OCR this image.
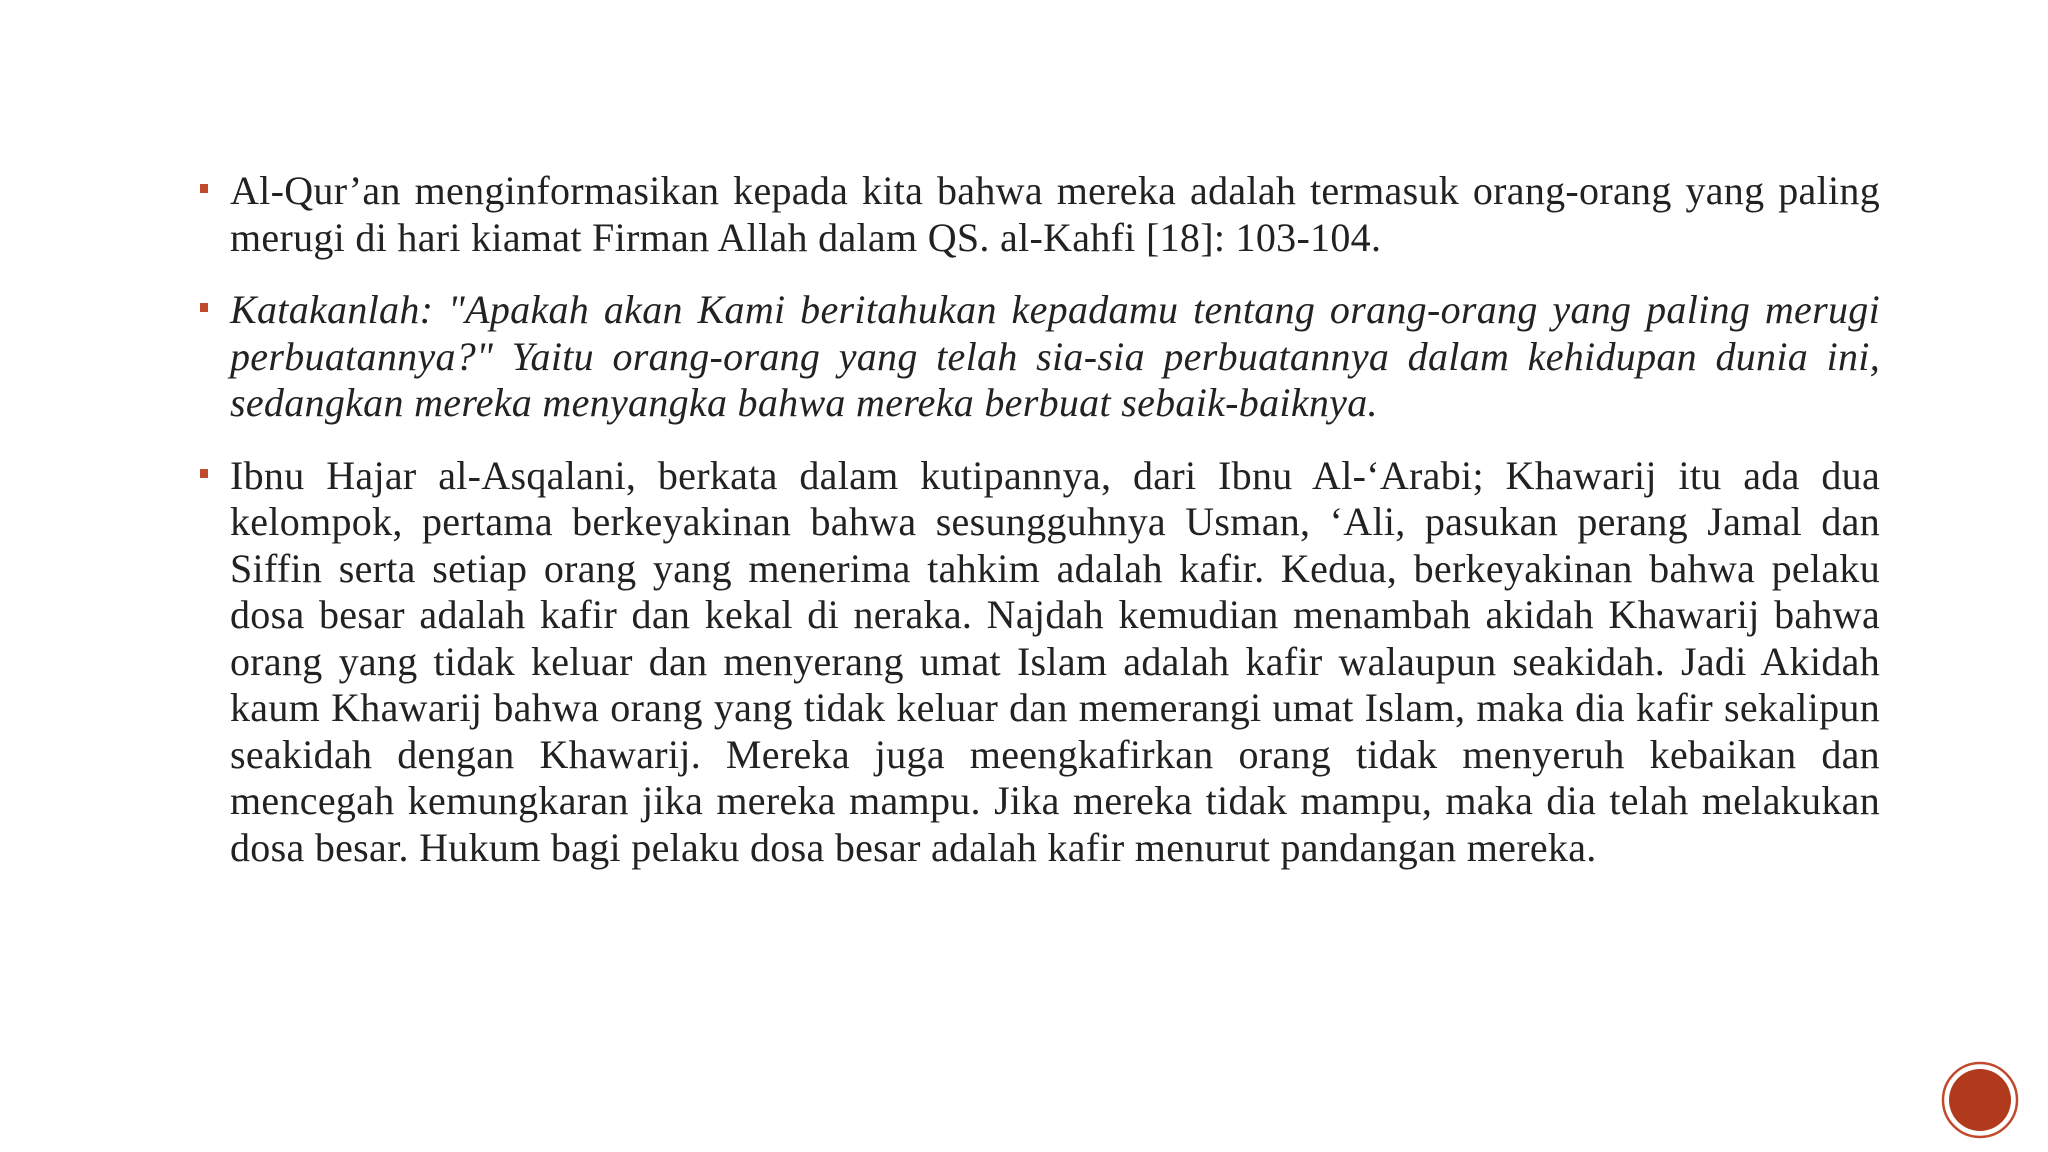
Al-Qur’an menginformasikan kepada kita bahwa mereka adalah termasuk orang-orang yang paling merugi di hari kiamat Firman Allah dalam QS. al-Kahfi [18]: 103-104.
Katakanlah: "Apakah akan Kami beritahukan kepadamu tentang orang-orang yang paling merugi perbuatannya?" Yaitu orang-orang yang telah sia-sia perbuatannya dalam kehidupan dunia ini, sedangkan mereka menyangka bahwa mereka berbuat sebaik-baiknya.
Ibnu Hajar al-Asqalani, berkata dalam kutipannya, dari Ibnu Al-‘Arabi; Khawarij itu ada dua kelompok, pertama berkeyakinan bahwa sesungguhnya Usman, ‘Ali, pasukan perang Jamal dan Siffin serta setiap orang yang menerima tahkim adalah kafir. Kedua, berkeyakinan bahwa pelaku dosa besar adalah kafir dan kekal di neraka. Najdah kemudian menambah akidah Khawarij bahwa orang yang tidak keluar dan menyerang umat Islam adalah kafir walaupun seakidah. Jadi Akidah kaum Khawarij bahwa orang yang tidak keluar dan memerangi umat Islam, maka dia kafir sekalipun seakidah dengan Khawarij. Mereka juga meengkafirkan orang tidak menyeruh kebaikan dan mencegah kemungkaran jika mereka mampu. Jika mereka tidak mampu, maka dia telah melakukan dosa besar. Hukum bagi pelaku dosa besar adalah kafir menurut pandangan mereka.
